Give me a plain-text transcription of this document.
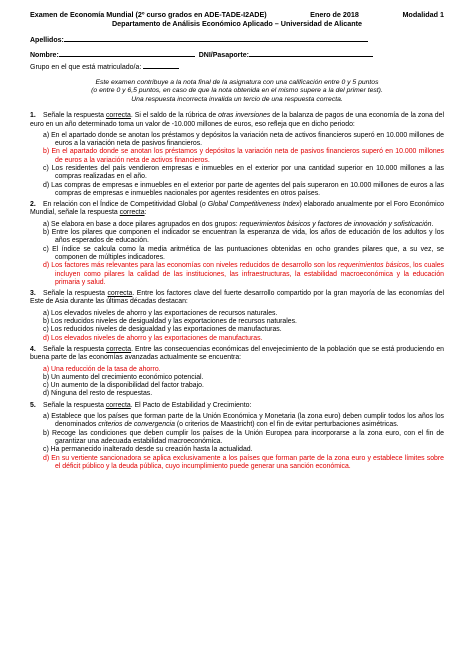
Examen de Economía Mundial (2º curso grados en ADE-TADE-I2ADE)	Enero de 2018	Modalidad 1
Departamento de Análisis Económico Aplicado – Universidad de Alicante
Apellidos:
Nombre:	DNI/Pasaporte:
Grupo en el que está matriculado/a:
Este examen contribuye a la nota final de la asignatura con una calificación entre 0 y 5 puntos
(o entre 0 y 6,5 puntos, en caso de que la nota obtenida en el mismo supere a la del primer test).
Una respuesta incorrecta invalida un tercio de una respuesta correcta.
1. Señale la respuesta correcta. Si el saldo de la rúbrica de otras inversiones de la balanza de pagos de una economía de la zona del euro en un año determinado toma un valor de -10.000 millones de euros, eso refleja que en dicho periodo:
a) En el apartado donde se anotan los préstamos y depósitos la variación neta de activos financieros superó en 10.000 millones de euros a la variación neta de pasivos financieros.
b) En el apartado donde se anotan los préstamos y depósitos la variación neta de pasivos financieros superó en 10.000 millones de euros a la variación neta de activos financieros.
c) Los residentes del país vendieron empresas e inmuebles en el exterior por una cantidad superior en 10.000 millones a las compras realizadas en el año.
d) Las compras de empresas e inmuebles en el exterior por parte de agentes del país superaron en 10.000 millones de euros a las compras de empresas e inmuebles nacionales por agentes residentes en otros países.
2. En relación con el Índice de Competitividad Global (o Global Competitiveness Index) elaborado anualmente por el Foro Económico Mundial, señale la respuesta correcta:
a) Se elabora en base a doce pilares agrupados en dos grupos: requerimientos básicos y factores de innovación y sofisticación.
b) Entre los pilares que componen el indicador se encuentran la esperanza de vida, los años de educación de los adultos y los años esperados de educación.
c) El índice se calcula como la media aritmética de las puntuaciones obtenidas en ocho grandes pilares que, a su vez, se componen de múltiples indicadores.
d) Los factores más relevantes para las economías con niveles reducidos de desarrollo son los requerimientos básicos, los cuales incluyen como pilares la calidad de las instituciones, las infraestructuras, la estabilidad macroeconómica y la educación primaria y salud.
3. Señale la respuesta correcta. Entre los factores clave del fuerte desarrollo compartido por la gran mayoría de las economías del Este de Asia durante las últimas décadas destacan:
a) Los elevados niveles de ahorro y las exportaciones de recursos naturales.
b) Los reducidos niveles de desigualdad y las exportaciones de recursos naturales.
c) Los reducidos niveles de desigualdad y las exportaciones de manufacturas.
d) Los elevados niveles de ahorro y las exportaciones de manufacturas.
4. Señale la respuesta correcta. Entre las consecuencias económicas del envejecimiento de la población que se está produciendo en buena parte de las economías avanzadas actualmente se encuentra:
a) Una reducción de la tasa de ahorro.
b) Un aumento del crecimiento económico potencial.
c) Un aumento de la disponibilidad del factor trabajo.
d) Ninguna del resto de respuestas.
5. Señale la respuesta correcta. El Pacto de Estabilidad y Crecimiento:
a) Establece que los países que forman parte de la Unión Económica y Monetaria (la zona euro) deben cumplir todos los años los denominados criterios de convergencia (o criterios de Maastricht) con el fin de evitar perturbaciones asimétricas.
b) Recoge las condiciones que deben cumplir los países de la Unión Europea para incorporarse a la zona euro, con el fin de garantizar una adecuada estabilidad macroeconómica.
c) Ha permanecido inalterado desde su creación hasta la actualidad.
d) En su vertiente sancionadora se aplica exclusivamente a los países que forman parte de la zona euro y establece límites sobre el déficit público y la deuda pública, cuyo incumplimiento puede generar una sanción económica.
